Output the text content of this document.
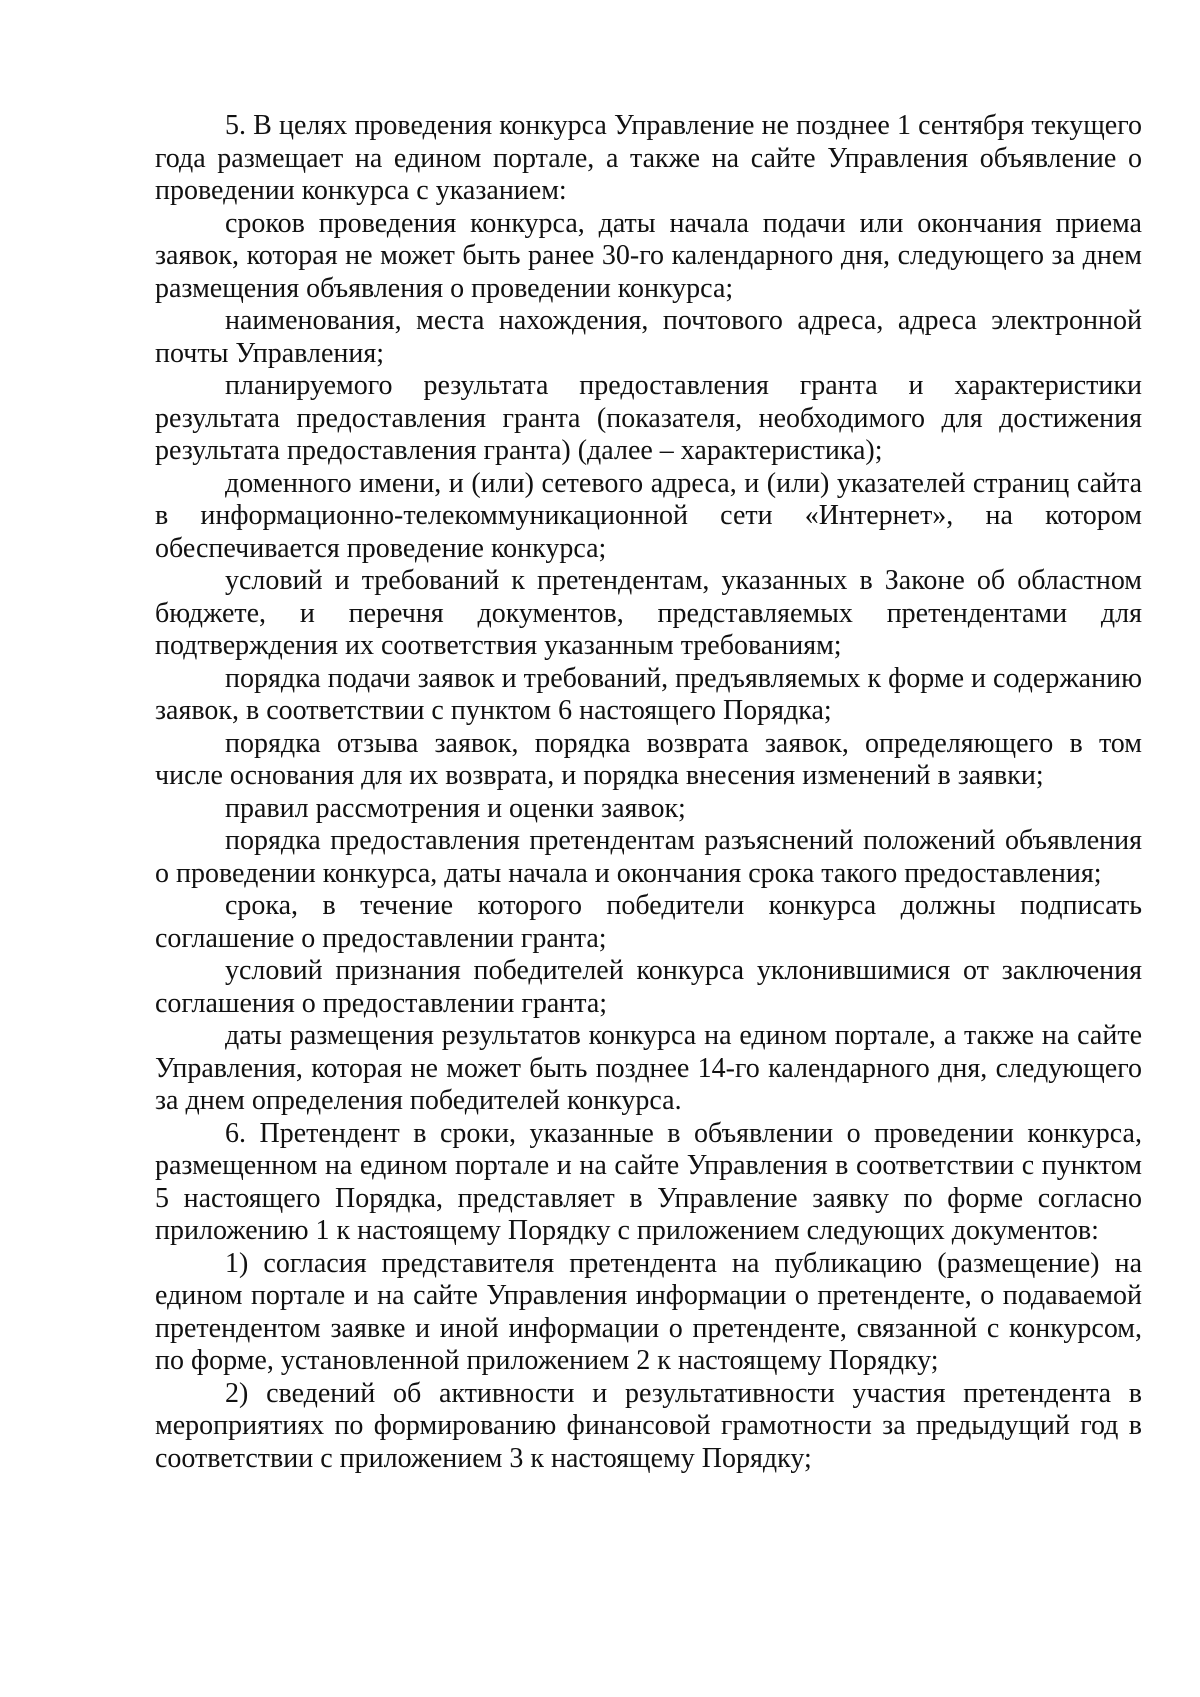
5. В целях проведения конкурса Управление не позднее 1 сентября текущего года размещает на едином портале, а также на сайте Управления объявление о проведении конкурса с указанием:

сроков проведения конкурса, даты начала подачи или окончания приема заявок, которая не может быть ранее 30-го календарного дня, следующего за днем размещения объявления о проведении конкурса;

наименования, места нахождения, почтового адреса, адреса электронной почты Управления;

планируемого результата предоставления гранта и характеристики результата предоставления гранта (показателя, необходимого для достижения результата предоставления гранта) (далее – характеристика);

доменного имени, и (или) сетевого адреса, и (или) указателей страниц сайта в информационно-телекоммуникационной сети «Интернет», на котором обеспечивается проведение конкурса;

условий и требований к претендентам, указанных в Законе об областном бюджете, и перечня документов, представляемых претендентами для подтверждения их соответствия указанным требованиям;

порядка подачи заявок и требований, предъявляемых к форме и содержанию заявок, в соответствии с пунктом 6 настоящего Порядка;

порядка отзыва заявок, порядка возврата заявок, определяющего в том числе основания для их возврата, и порядка внесения изменений в заявки;

правил рассмотрения и оценки заявок;

порядка предоставления претендентам разъяснений положений объявления о проведении конкурса, даты начала и окончания срока такого предоставления;

срока, в течение которого победители конкурса должны подписать соглашение о предоставлении гранта;

условий признания победителей конкурса уклонившимися от заключения соглашения о предоставлении гранта;

даты размещения результатов конкурса на едином портале, а также на сайте Управления, которая не может быть позднее 14-го календарного дня, следующего за днем определения победителей конкурса.

6. Претендент в сроки, указанные в объявлении о проведении конкурса, размещенном на едином портале и на сайте Управления в соответствии с пунктом 5 настоящего Порядка, представляет в Управление заявку по форме согласно приложению 1 к настоящему Порядку с приложением следующих документов:

1) согласия представителя претендента на публикацию (размещение) на едином портале и на сайте Управления информации о претенденте, о подаваемой претендентом заявке и иной информации о претенденте, связанной с конкурсом, по форме, установленной приложением 2 к настоящему Порядку;

2) сведений об активности и результативности участия претендента в мероприятиях по формированию финансовой грамотности за предыдущий год в соответствии с приложением 3 к настоящему Порядку;
